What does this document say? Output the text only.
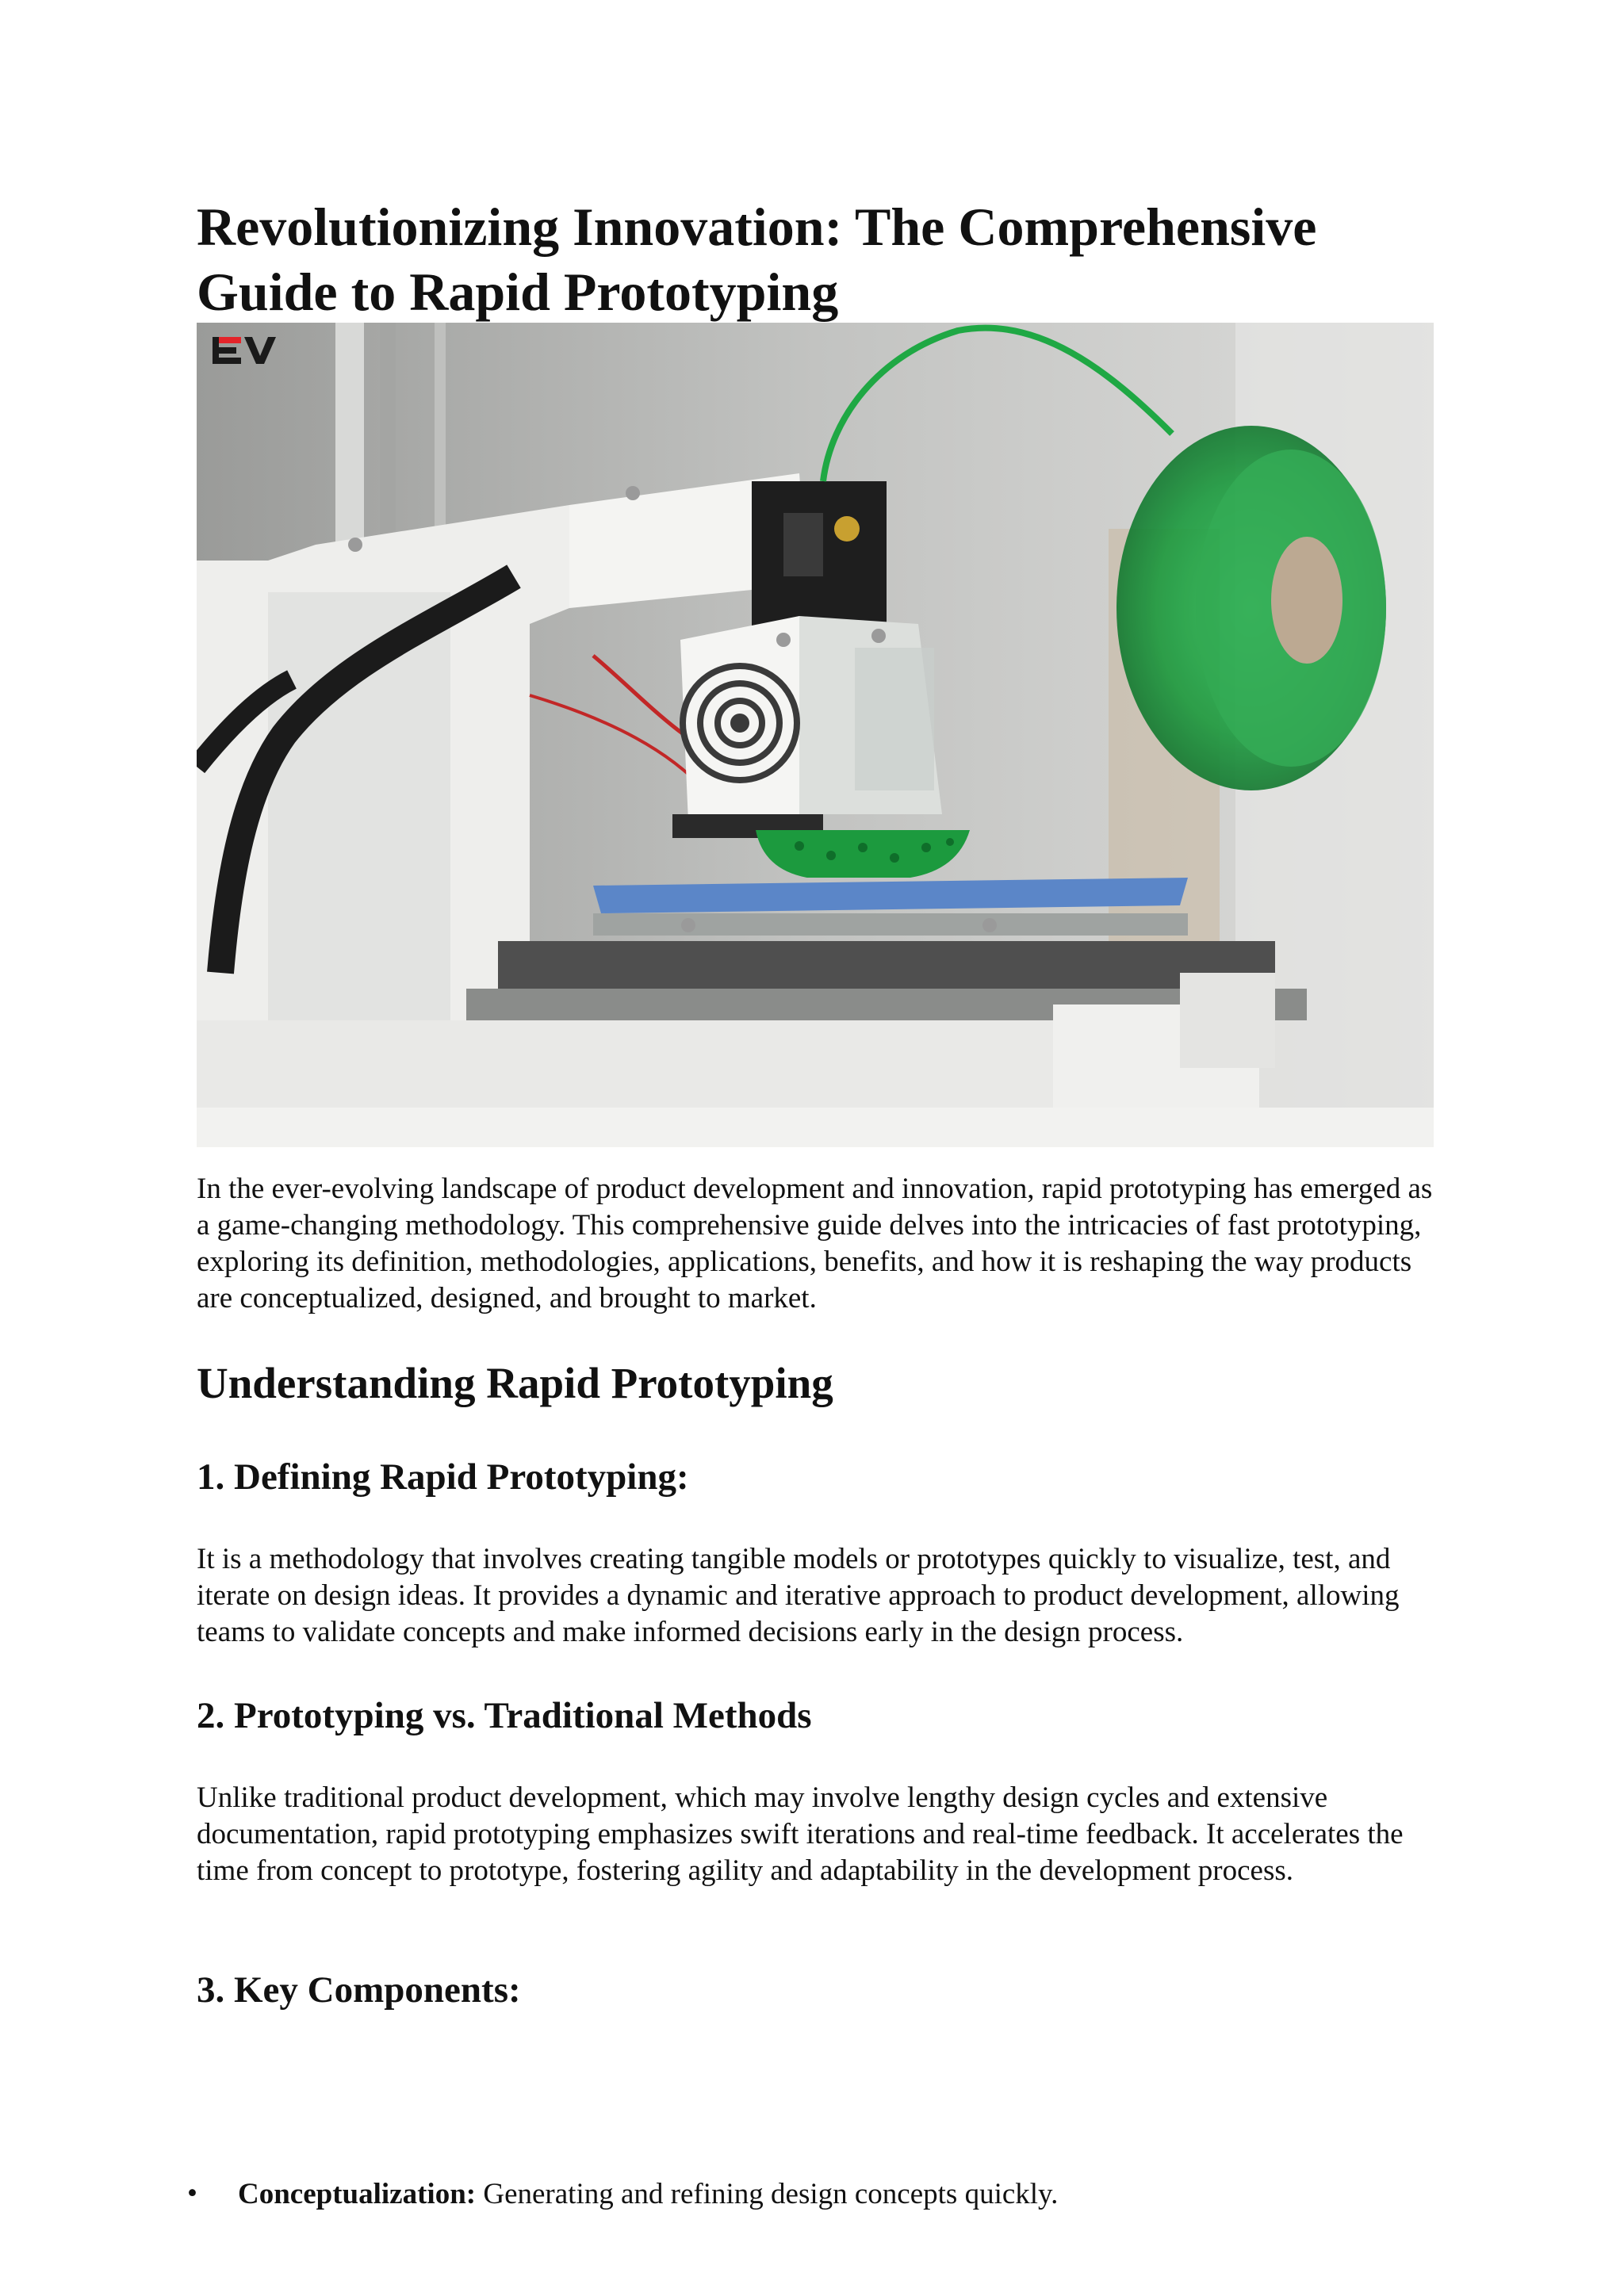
Revolutionizing Innovation: The Comprehensive Guide to Rapid Prototyping

In the ever-evolving landscape of product development and innovation, rapid prototyping has emerged as a game-changing methodology. This comprehensive guide delves into the intricacies of fast prototyping, exploring its definition, methodologies, applications, benefits, and how it is reshaping the way products are conceptualized, designed, and brought to market.

Understanding Rapid Prototyping
1. Defining Rapid Prototyping:

It is a methodology that involves creating tangible models or prototypes quickly to visualize, test, and iterate on design ideas. It provides a dynamic and iterative approach to product development, allowing teams to validate concepts and make informed decisions early in the design process.

2. Prototyping vs. Traditional Methods

Unlike traditional product development, which may involve lengthy design cycles and extensive documentation, rapid prototyping emphasizes swift iterations and real-time feedback. It accelerates the time from concept to prototype, fostering agility and adaptability in the development process.

3. Key Components:
• Conceptualization: Generating and refining design concepts quickly.
